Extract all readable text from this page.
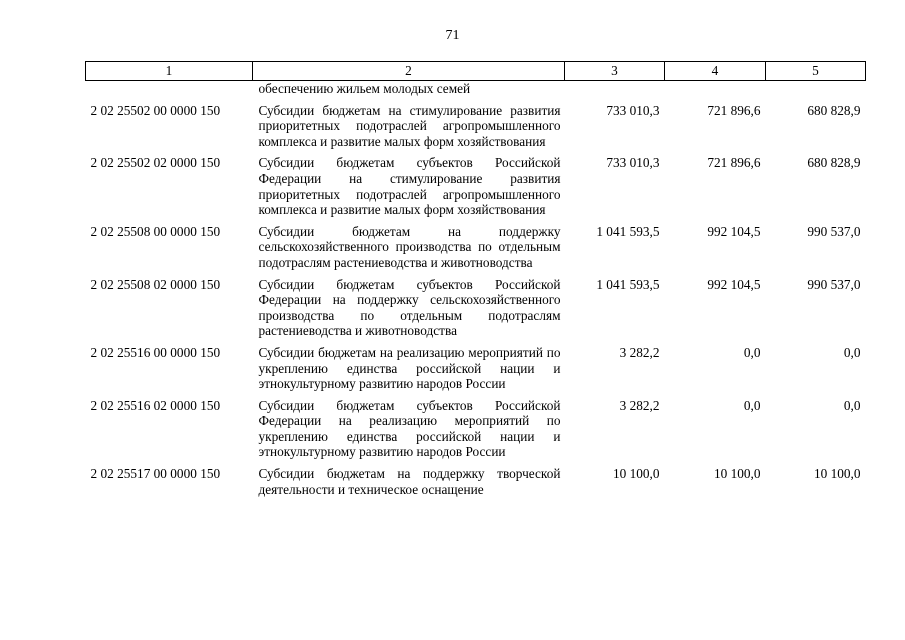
71
1	2	3	4	5
	обеспечению жильем молодых семей			
2 02 25502 00 0000 150	Субсидии бюджетам на стимулирование развития приоритетных подотраслей агропромышленного комплекса и развитие малых форм хозяйствования	733 010,3	721 896,6	680 828,9
2 02 25502 02 0000 150	Субсидии бюджетам субъектов Российской Федерации на стимулирование развития приоритетных подотраслей агропромышленного комплекса и развитие малых форм хозяйствования	733 010,3	721 896,6	680 828,9
2 02 25508 00 0000 150	Субсидии бюджетам на поддержку сельскохозяйственного производства по отдельным подотраслям растениеводства и животноводства	1 041 593,5	992 104,5	990 537,0
2 02 25508 02 0000 150	Субсидии бюджетам субъектов Российской Федерации на поддержку сельскохозяйственного производства по отдельным подотраслям растениеводства и животноводства	1 041 593,5	992 104,5	990 537,0
2 02 25516 00 0000 150	Субсидии бюджетам на реализацию мероприятий по укреплению единства российской нации и этнокультурному развитию народов России	3 282,2	0,0	0,0
2 02 25516 02 0000 150	Субсидии бюджетам субъектов Российской Федерации на реализацию мероприятий по укреплению единства российской нации и этнокультурному развитию народов России	3 282,2	0,0	0,0
2 02 25517 00 0000 150	Субсидии бюджетам на поддержку творческой деятельности и техническое оснащение	10 100,0	10 100,0	10 100,0
